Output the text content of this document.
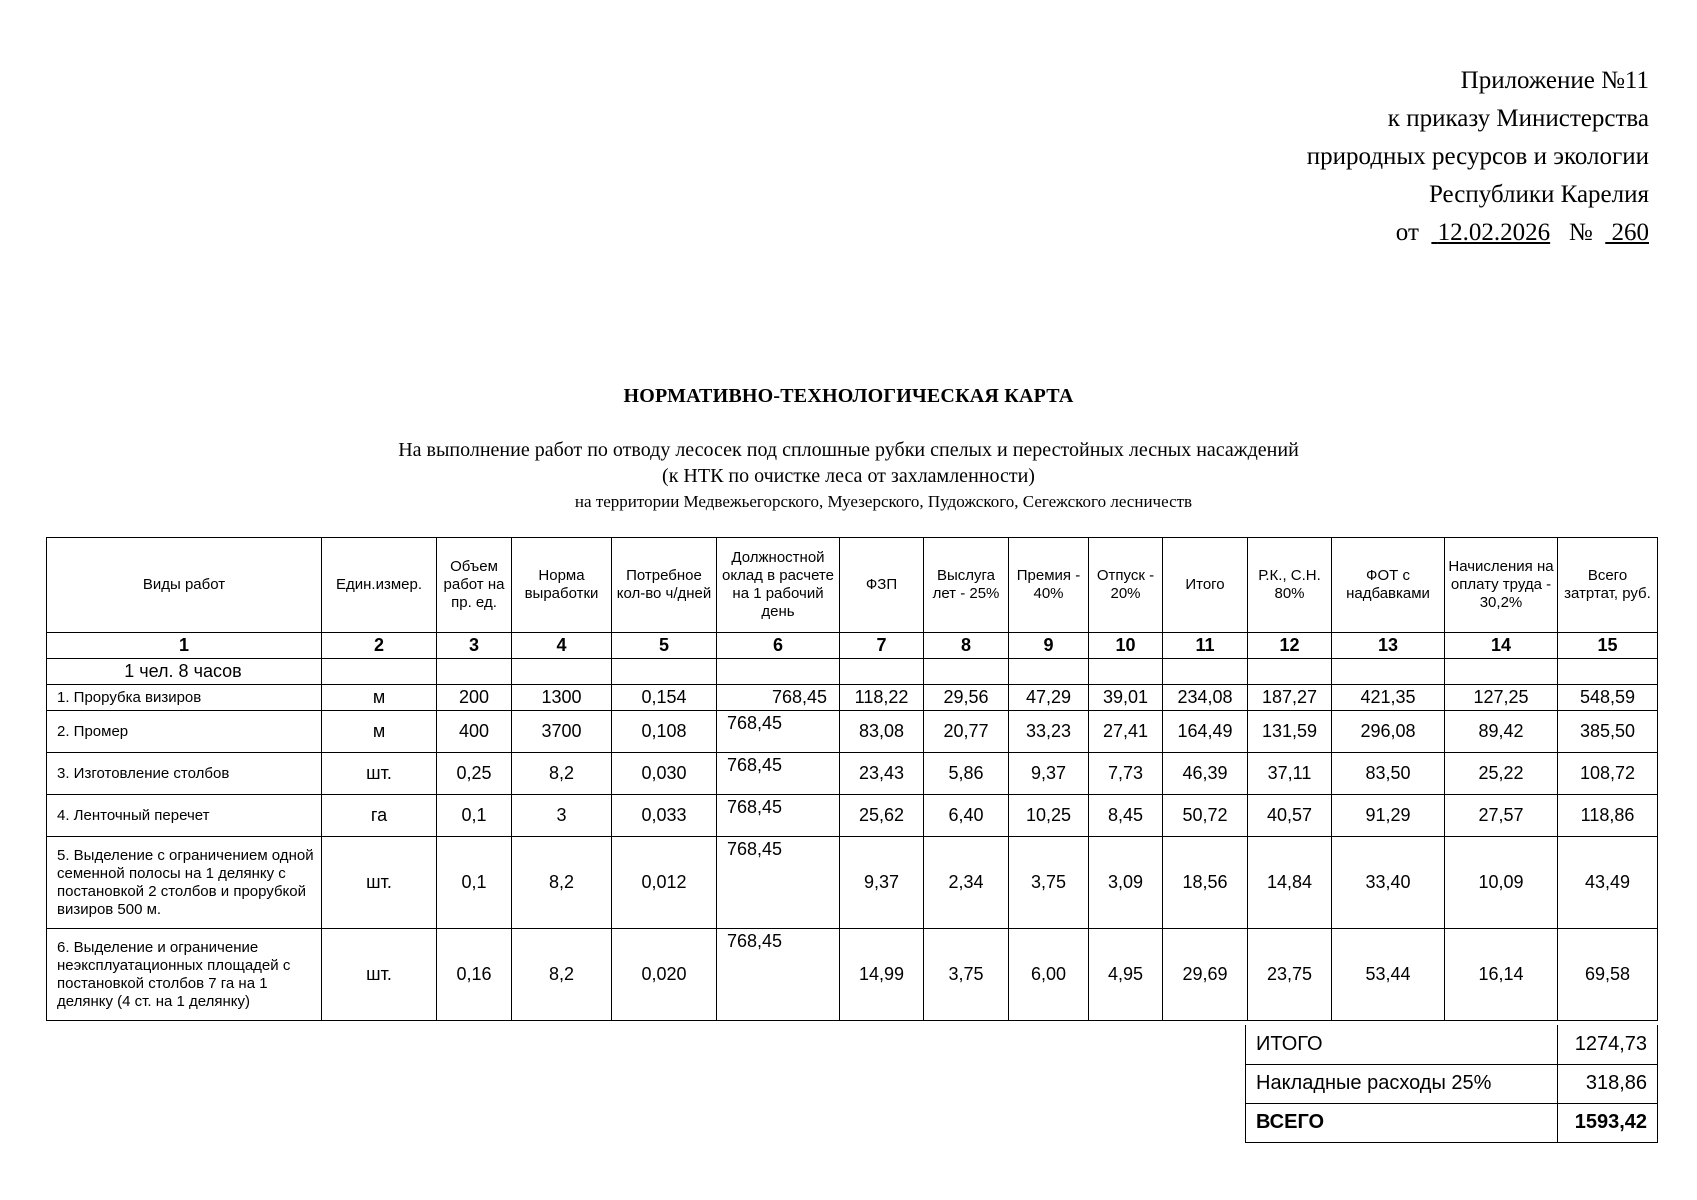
Приложение №11
к приказу Министерства
природных ресурсов и экологии
Республики Карелия
от 12.02.2026 № 260
НОРМАТИВНО-ТЕХНОЛОГИЧЕСКАЯ КАРТА
На выполнение работ по отводу лесосек под сплошные рубки спелых и перестойных лесных насаждений
(к НТК по очистке леса от захламленности)
на территории Медвежьегорского, Муезерского, Пудожского, Сегежского лесничеств
Виды работ	Един.измер.	Объем работ на пр. ед.	Норма выработки	Потребное кол-во ч/дней	Должностной оклад в расчете на 1 рабочий день	ФЗП	Выслуга лет - 25%	Премия - 40%	Отпуск - 20%	Итого	Р.К., С.Н. 80%	ФОТ с надбавками	Начисления на оплату труда - 30,2%	Всего затртат, руб.
1	2	3	4	5	6	7	8	9	10	11	12	13	14	15
1 чел. 8 часов														
1. Прорубка визиров	м	200	1300	0,154	768,45	118,22	29,56	47,29	39,01	234,08	187,27	421,35	127,25	548,59
2. Промер	м	400	3700	0,108	768,45	83,08	20,77	33,23	27,41	164,49	131,59	296,08	89,42	385,50
3. Изготовление столбов	шт.	0,25	8,2	0,030	768,45	23,43	5,86	9,37	7,73	46,39	37,11	83,50	25,22	108,72
4. Ленточный перечет	га	0,1	3	0,033	768,45	25,62	6,40	10,25	8,45	50,72	40,57	91,29	27,57	118,86
5. Выделение с ограничением одной семенной полосы на 1 делянку с постановкой 2 столбов и прорубкой визиров 500 м.	шт.	0,1	8,2	0,012	768,45	9,37	2,34	3,75	3,09	18,56	14,84	33,40	10,09	43,49
6. Выделение и ограничение неэксплуатационных площадей с постановкой столбов 7 га на 1 делянку (4 ст. на 1 делянку)	шт.	0,16	8,2	0,020	768,45	14,99	3,75	6,00	4,95	29,69	23,75	53,44	16,14	69,58
ИТОГО	1274,73
Накладные расходы 25%	318,86
ВСЕГО	1593,42
